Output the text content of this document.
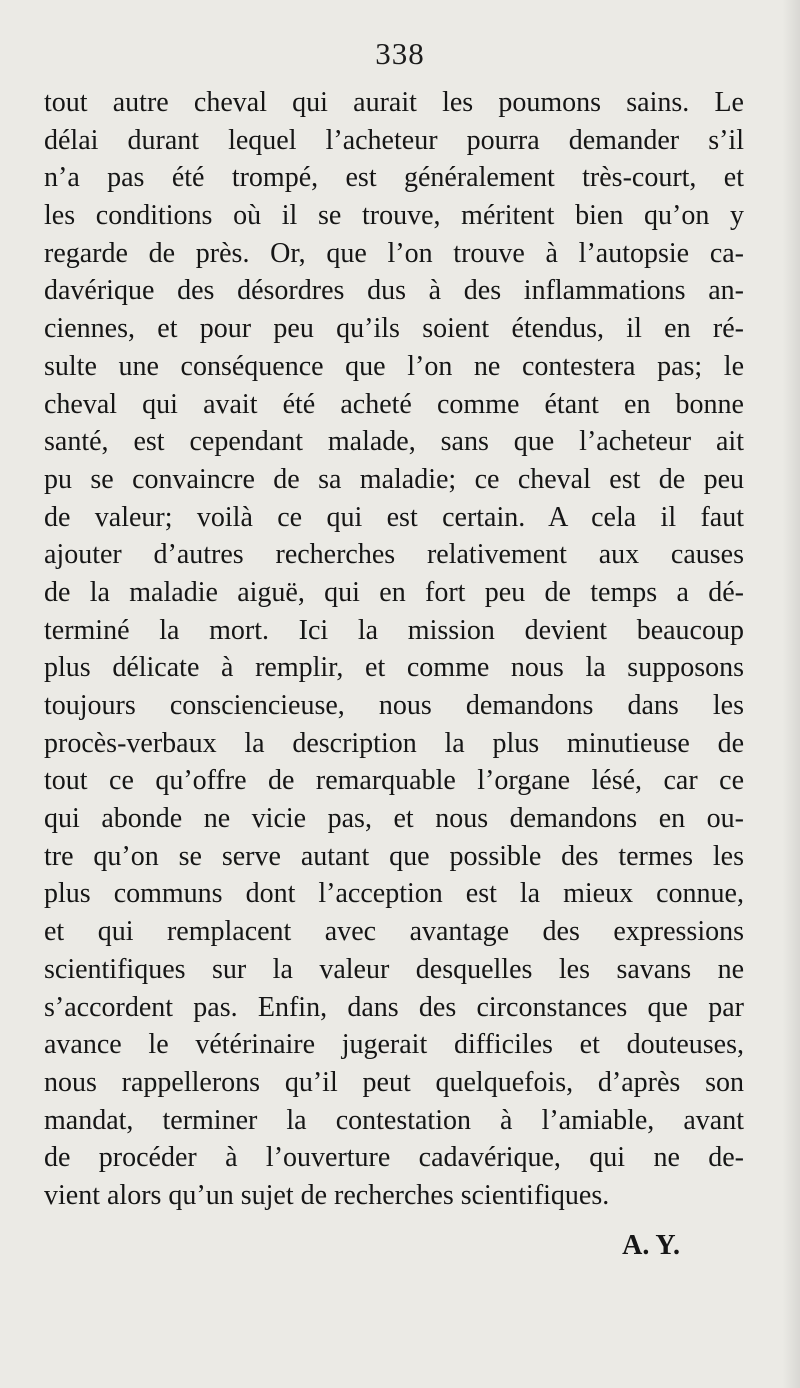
338
tout autre cheval qui aurait les poumons sains. Le
délai durant lequel l’acheteur pourra demander s’il
n’a pas été trompé, est généralement très-court, et
les conditions où il se trouve, méritent bien qu’on y
regarde de près. Or, que l’on trouve à l’autopsie ca-
davérique des désordres dus à des inflammations an-
ciennes, et pour peu qu’ils soient étendus, il en ré-
sulte une conséquence que l’on ne contestera pas; le
cheval qui avait été acheté comme étant en bonne
santé, est cependant malade, sans que l’acheteur ait
pu se convaincre de sa maladie; ce cheval est de peu
de valeur; voilà ce qui est certain. A cela il faut
ajouter d’autres recherches relativement aux causes
de la maladie aiguë, qui en fort peu de temps a dé-
terminé la mort. Ici la mission devient beaucoup
plus délicate à remplir, et comme nous la supposons
toujours consciencieuse, nous demandons dans les
procès-verbaux la description la plus minutieuse de
tout ce qu’offre de remarquable l’organe lésé, car ce
qui abonde ne vicie pas, et nous demandons en ou-
tre qu’on se serve autant que possible des termes les
plus communs dont l’acception est la mieux connue,
et qui remplacent avec avantage des expressions
scientifiques sur la valeur desquelles les savans ne
s’accordent pas. Enfin, dans des circonstances que par
avance le vétérinaire jugerait difficiles et douteuses,
nous rappellerons qu’il peut quelquefois, d’après son
mandat, terminer la contestation à l’amiable, avant
de procéder à l’ouverture cadavérique, qui ne de-
vient alors qu’un sujet de recherches scientifiques.
A. Y.
